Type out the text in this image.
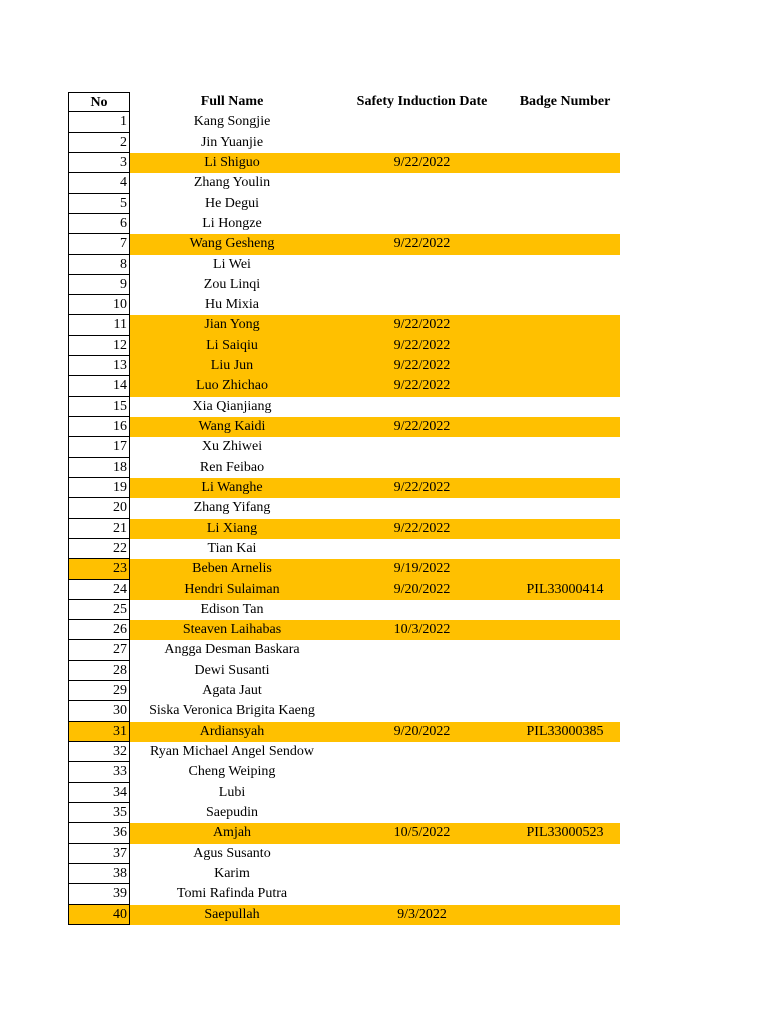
No	Full Name	Safety Induction Date	Badge Number
1	Kang Songjie
2	Jin Yuanjie
3	Li Shiguo	9/22/2022
4	Zhang Youlin
5	He Degui
6	Li Hongze
7	Wang Gesheng	9/22/2022
8	Li Wei
9	Zou Linqi
10	Hu Mixia
11	Jian Yong	9/22/2022
12	Li Saiqiu	9/22/2022
13	Liu Jun	9/22/2022
14	Luo Zhichao	9/22/2022
15	Xia Qianjiang
16	Wang Kaidi	9/22/2022
17	Xu Zhiwei
18	Ren Feibao
19	Li Wanghe	9/22/2022
20	Zhang Yifang
21	Li Xiang	9/22/2022
22	Tian Kai
23	Beben Arnelis	9/19/2022
24	Hendri Sulaiman	9/20/2022	PIL33000414
25	Edison Tan
26	Steaven Laihabas	10/3/2022
27	Angga Desman Baskara
28	Dewi Susanti
29	Agata Jaut
30	Siska Veronica Brigita Kaeng
31	Ardiansyah	9/20/2022	PIL33000385
32	Ryan Michael Angel Sendow
33	Cheng Weiping
34	Lubi
35	Saepudin
36	Amjah	10/5/2022	PIL33000523
37	Agus Susanto
38	Karim
39	Tomi Rafinda Putra
40	Saepullah	9/3/2022
